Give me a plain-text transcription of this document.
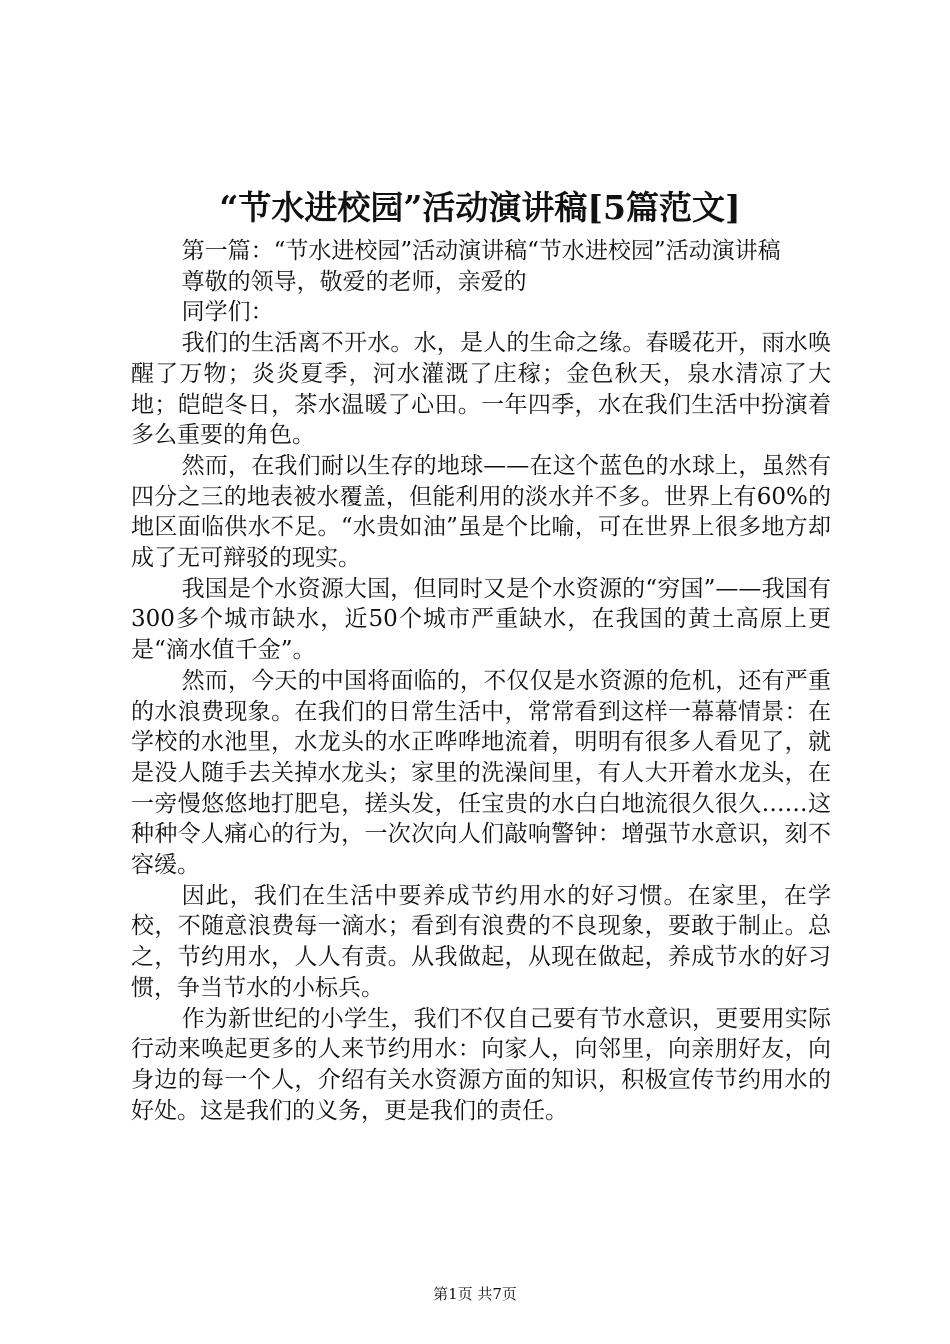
“节水进校园”活动演讲稿[5篇范文]

第一篇：“节水进校园”活动演讲稿“节水进校园”活动演讲稿

尊敬的领导，敬爱的老师，亲爱的

同学们：

我们的生活离不开水。水，是人的生命之缘。春暖花开，雨水唤醒了万物；炎炎夏季，河水灌溉了庄稼；金色秋天，泉水清凉了大地；皑皑冬日，茶水温暖了心田。一年四季，水在我们生活中扮演着多么重要的角色。

然而，在我们耐以生存的地球——在这个蓝色的水球上，虽然有四分之三的地表被水覆盖，但能利用的淡水并不多。世界上有60%的地区面临供水不足。“水贵如油”虽是个比喻，可在世界上很多地方却成了无可辩驳的现实。

我国是个水资源大国，但同时又是个水资源的“穷国”——我国有300多个城市缺水，近50个城市严重缺水，在我国的黄土高原上更是“滴水值千金”。

然而，今天的中国将面临的，不仅仅是水资源的危机，还有严重的水浪费现象。在我们的日常生活中，常常看到这样一幕幕情景：在学校的水池里，水龙头的水正哗哗地流着，明明有很多人看见了，就是没人随手去关掉水龙头；家里的洗澡间里，有人大开着水龙头，在一旁慢悠悠地打肥皂，搓头发，任宝贵的水白白地流很久很久……这种种令人痛心的行为，一次次向人们敲响警钟：增强节水意识，刻不容缓。

因此，我们在生活中要养成节约用水的好习惯。在家里，在学校，不随意浪费每一滴水；看到有浪费的不良现象，要敢于制止。总之，节约用水，人人有责。从我做起，从现在做起，养成节水的好习惯，争当节水的小标兵。

作为新世纪的小学生，我们不仅自己要有节水意识，更要用实际行动来唤起更多的人来节约用水：向家人，向邻里，向亲朋好友，向身边的每一个人，介绍有关水资源方面的知识，积极宣传节约用水的好处。这是我们的义务，更是我们的责任。

第1页 共7页
